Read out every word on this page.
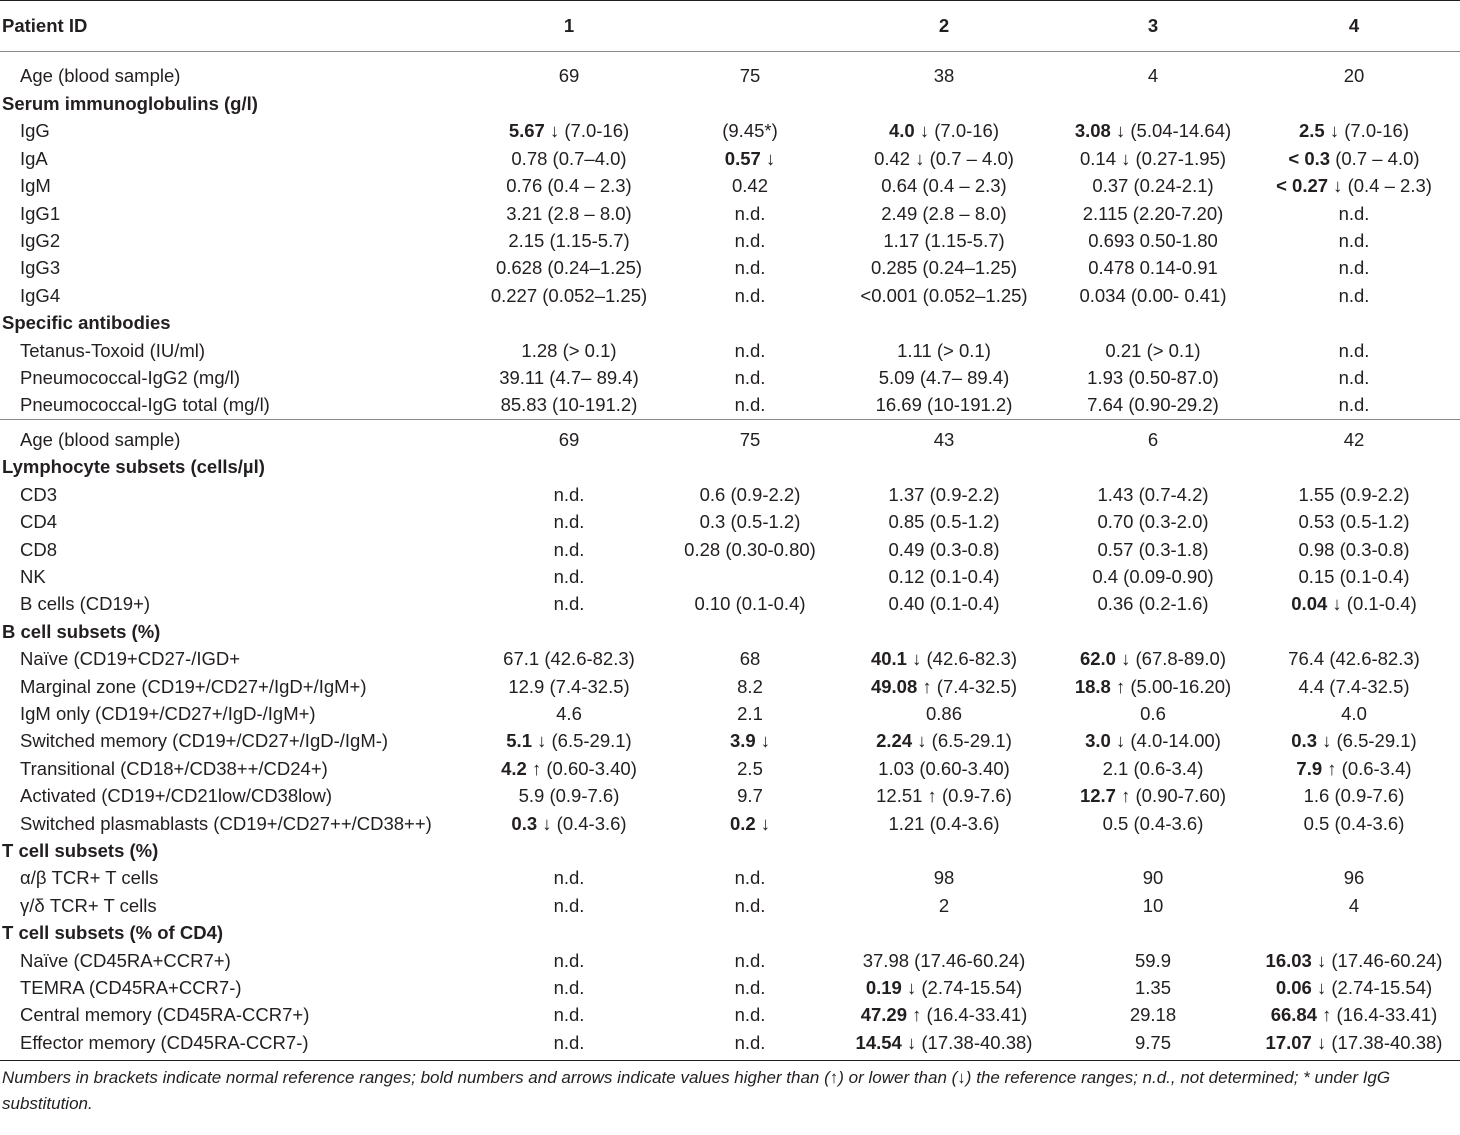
Patient ID	1		2	3	4
Age (blood sample)	69	75	38	4	20
Serum immunoglobulins (g/l)					
IgG	5.67 ↓ (7.0-16)	(9.45*)	4.0 ↓ (7.0-16)	3.08 ↓ (5.04-14.64)	2.5 ↓ (7.0-16)
IgA	0.78 (0.7–4.0)	0.57 ↓	0.42 ↓ (0.7 – 4.0)	0.14 ↓ (0.27-1.95)	< 0.3 (0.7 – 4.0)
IgM	0.76 (0.4 – 2.3)	0.42	0.64 (0.4 – 2.3)	0.37 (0.24-2.1)	< 0.27 ↓ (0.4 – 2.3)
IgG1	3.21 (2.8 – 8.0)	n.d.	2.49 (2.8 – 8.0)	2.115 (2.20-7.20)	n.d.
IgG2	2.15 (1.15-5.7)	n.d.	1.17 (1.15-5.7)	0.693 0.50-1.80	n.d.
IgG3	0.628 (0.24–1.25)	n.d.	0.285 (0.24–1.25)	0.478 0.14-0.91	n.d.
IgG4	0.227 (0.052–1.25)	n.d.	<0.001 (0.052–1.25)	0.034 (0.00- 0.41)	n.d.
Specific antibodies					
Tetanus-Toxoid (IU/ml)	1.28 (> 0.1)	n.d.	1.11 (> 0.1)	0.21 (> 0.1)	n.d.
Pneumococcal-IgG2 (mg/l)	39.11 (4.7– 89.4)	n.d.	5.09 (4.7– 89.4)	1.93 (0.50-87.0)	n.d.
Pneumococcal-IgG total (mg/l)	85.83 (10-191.2)	n.d.	16.69 (10-191.2)	7.64 (0.90-29.2)	n.d.
Age (blood sample)	69	75	43	6	42
Lymphocyte subsets (cells/µl)					
CD3	n.d.	0.6 (0.9-2.2)	1.37 (0.9-2.2)	1.43 (0.7-4.2)	1.55 (0.9-2.2)
CD4	n.d.	0.3 (0.5-1.2)	0.85 (0.5-1.2)	0.70 (0.3-2.0)	0.53 (0.5-1.2)
CD8	n.d.	0.28 (0.30-0.80)	0.49 (0.3-0.8)	0.57 (0.3-1.8)	0.98 (0.3-0.8)
NK	n.d.		0.12 (0.1-0.4)	0.4 (0.09-0.90)	0.15 (0.1-0.4)
B cells (CD19+)	n.d.	0.10 (0.1-0.4)	0.40 (0.1-0.4)	0.36 (0.2-1.6)	0.04 ↓ (0.1-0.4)
B cell subsets (%)					
Naïve (CD19+CD27-/IGD+	67.1 (42.6-82.3)	68	40.1 ↓ (42.6-82.3)	62.0 ↓ (67.8-89.0)	76.4 (42.6-82.3)
Marginal zone (CD19+/CD27+/IgD+/IgM+)	12.9 (7.4-32.5)	8.2	49.08 ↑ (7.4-32.5)	18.8 ↑ (5.00-16.20)	4.4 (7.4-32.5)
IgM only (CD19+/CD27+/IgD-/IgM+)	4.6	2.1	0.86	0.6	4.0
Switched memory (CD19+/CD27+/IgD-/IgM-)	5.1 ↓ (6.5-29.1)	3.9 ↓	2.24 ↓ (6.5-29.1)	3.0 ↓ (4.0-14.00)	0.3 ↓ (6.5-29.1)
Transitional (CD18+/CD38++/CD24+)	4.2 ↑ (0.60-3.40)	2.5	1.03 (0.60-3.40)	2.1 (0.6-3.4)	7.9 ↑ (0.6-3.4)
Activated (CD19+/CD21low/CD38low)	5.9 (0.9-7.6)	9.7	12.51 ↑ (0.9-7.6)	12.7 ↑ (0.90-7.60)	1.6 (0.9-7.6)
Switched plasmablasts (CD19+/CD27++/CD38++)	0.3 ↓ (0.4-3.6)	0.2 ↓	1.21 (0.4-3.6)	0.5 (0.4-3.6)	0.5 (0.4-3.6)
T cell subsets (%)					
α/β TCR+ T cells	n.d.	n.d.	98	90	96
γ/δ TCR+ T cells	n.d.	n.d.	2	10	4
T cell subsets (% of CD4)					
Naïve (CD45RA+CCR7+)	n.d.	n.d.	37.98 (17.46-60.24)	59.9	16.03 ↓ (17.46-60.24)
TEMRA (CD45RA+CCR7-)	n.d.	n.d.	0.19 ↓ (2.74-15.54)	1.35	0.06 ↓ (2.74-15.54)
Central memory (CD45RA-CCR7+)	n.d.	n.d.	47.29 ↑ (16.4-33.41)	29.18	66.84 ↑ (16.4-33.41)
Effector memory (CD45RA-CCR7-)	n.d.	n.d.	14.54 ↓ (17.38-40.38)	9.75	17.07 ↓ (17.38-40.38)
Numbers in brackets indicate normal reference ranges; bold numbers and arrows indicate values higher than (↑) or lower than (↓) the reference ranges; n.d., not determined; * under IgG substitution.
